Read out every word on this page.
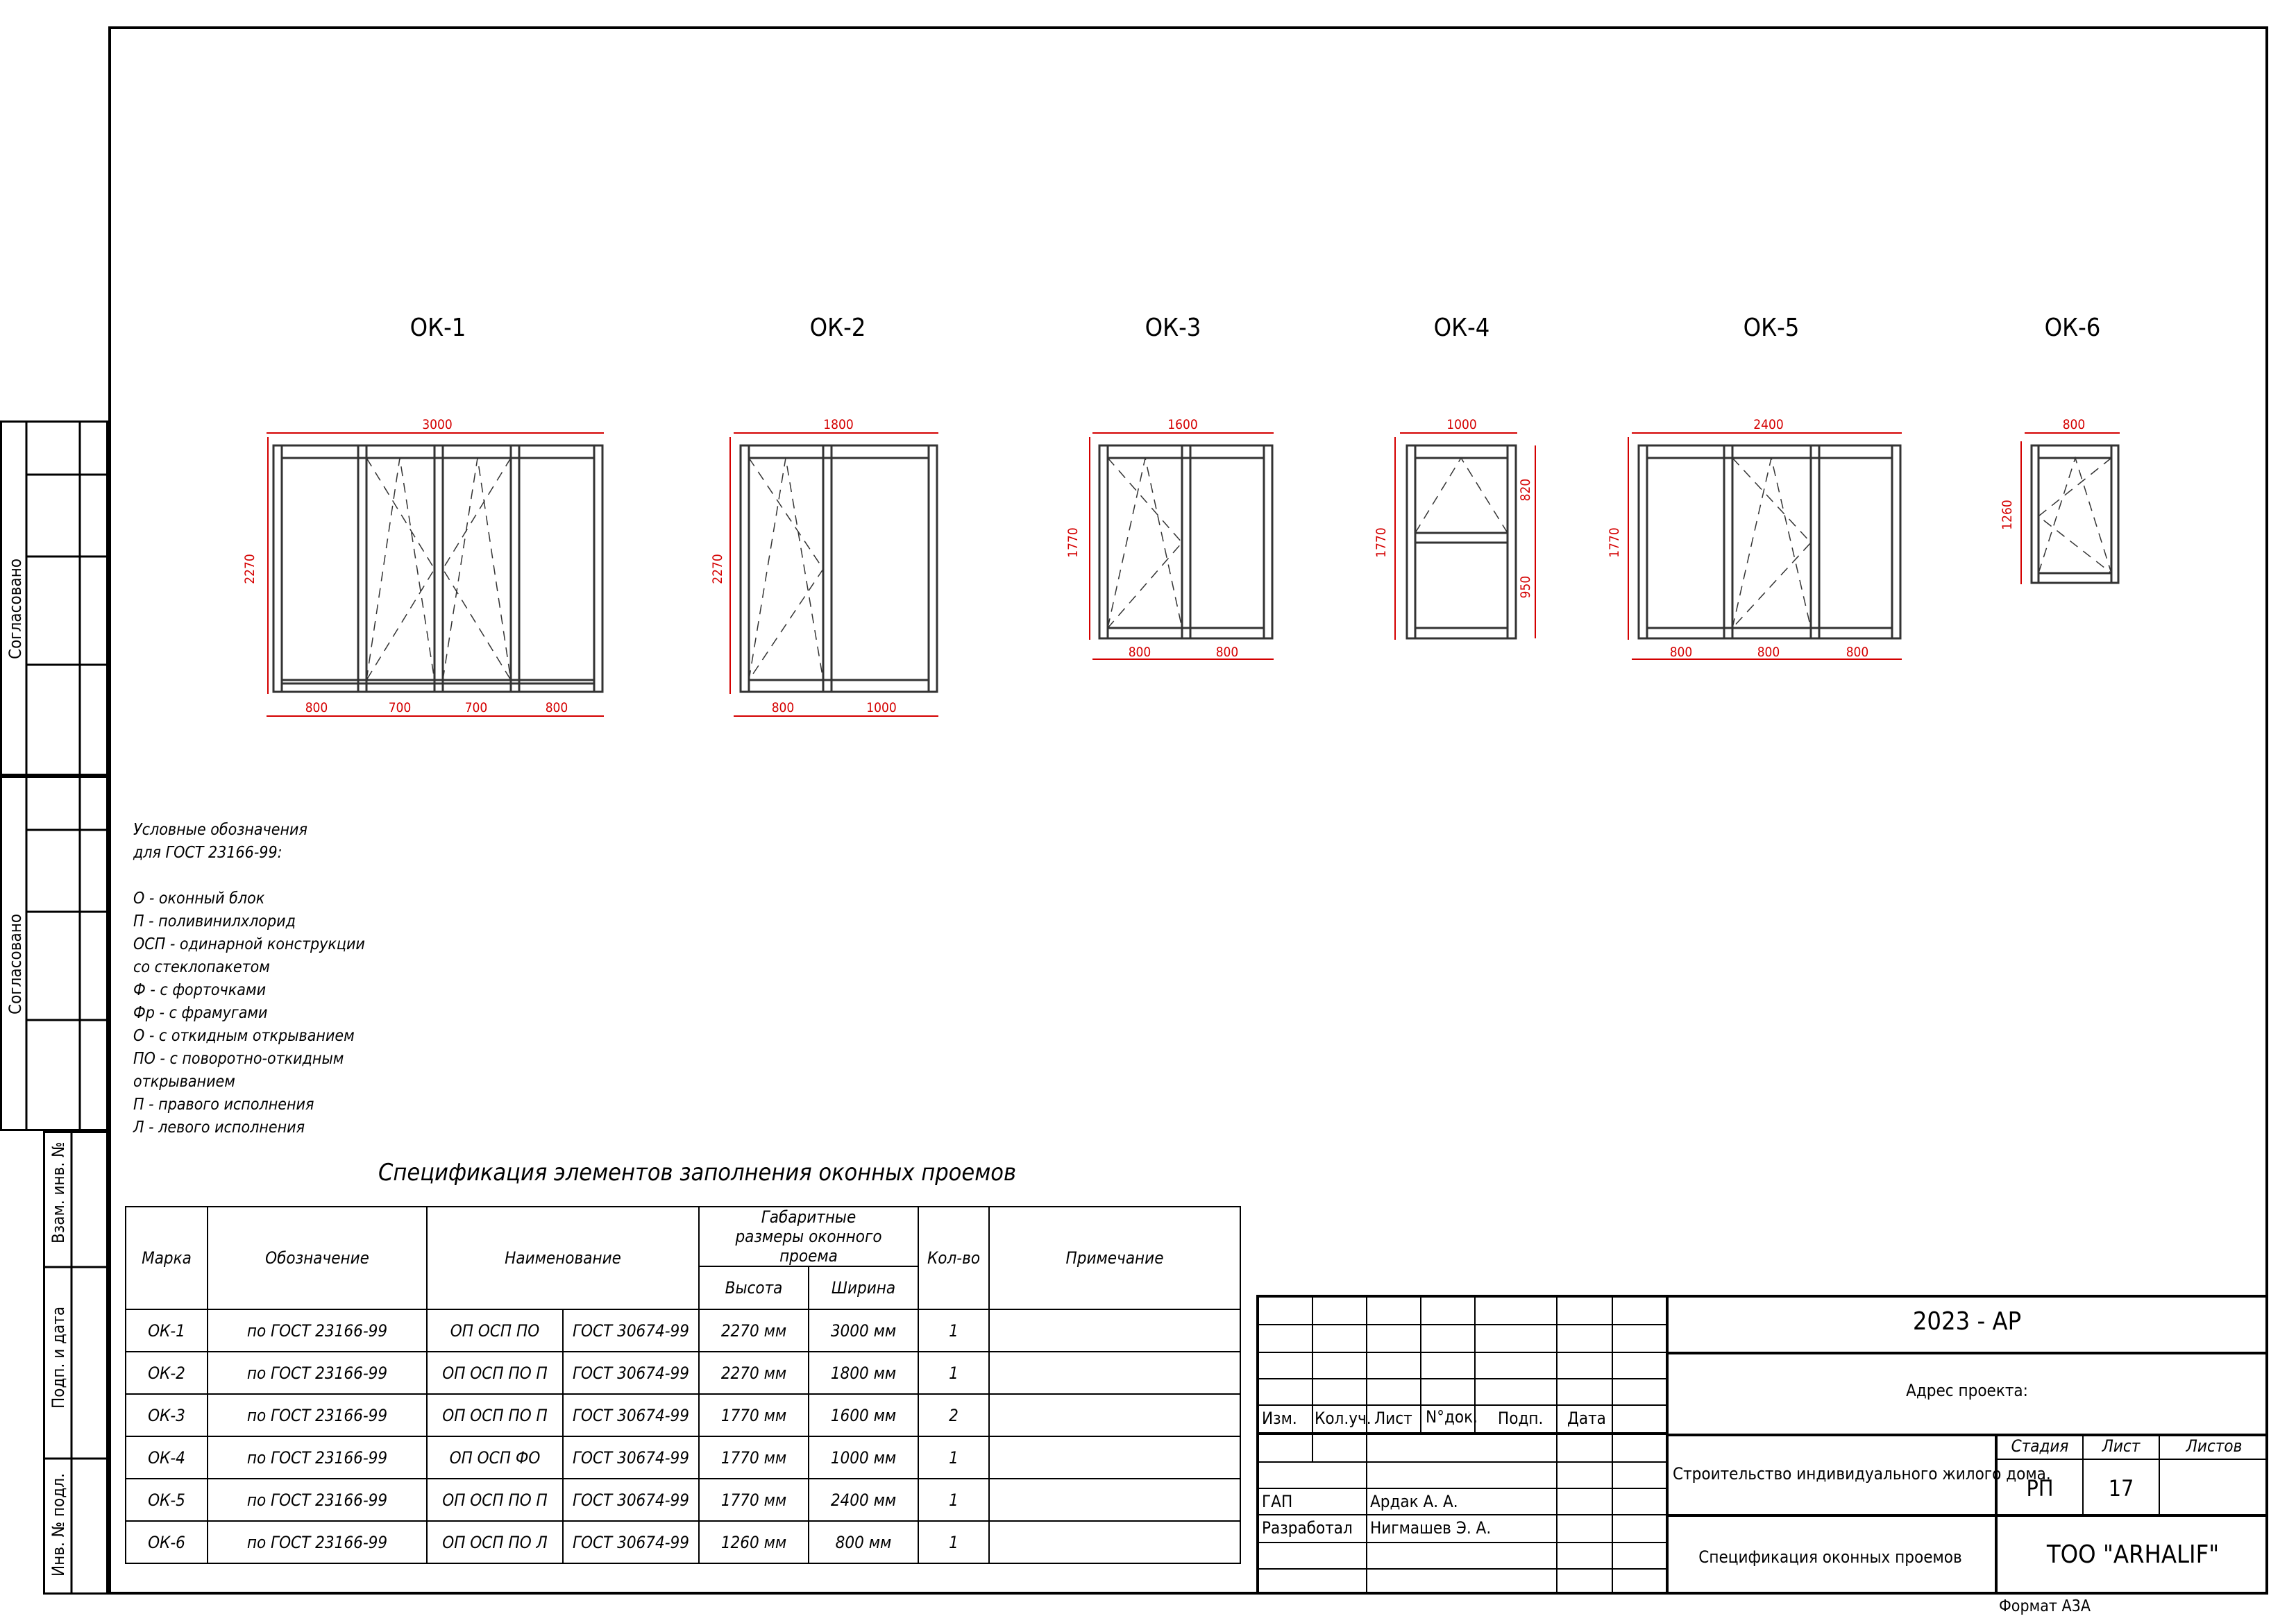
Согласовано
Согласовано
Взам. инв. №
Подп. и дата
Инв. № подл.
ОК-1	ОК-2	ОК-3	ОК-4	ОК-5	ОК-6
3000
800	700	700	800
2270
1800
800	1000
2270
1600
800	800
1770
1000
1770
820
950
2400
800	800	800
1770
800
1260
Условные обозначения
для ГОСТ 23166-99:
О - оконный блок
П - поливинилхлорид
ОСП - одинарной конструкции
со стеклопакетом
Ф - с форточками
Фр - с фрамугами
О - с откидным открыванием
ПО - с поворотно-откидным
открыванием
П - правого исполнения
Л - левого исполнения
Спецификация элементов заполнения оконных проемов
Марка	Обозначение	Наименование		Габаритные размеры оконного проема		Кол-во	Примечание
				Высота	Ширина		
ОК-1	по ГОСТ 23166-99	ОП ОСП ПО	ГОСТ 30674-99	2270 мм	3000 мм	1	
ОК-2	по ГОСТ 23166-99	ОП ОСП ПО П	ГОСТ 30674-99	2270 мм	1800 мм	1	
ОК-3	по ГОСТ 23166-99	ОП ОСП ПО П	ГОСТ 30674-99	1770 мм	1600 мм	2	
ОК-4	по ГОСТ 23166-99	ОП ОСП ФО	ГОСТ 30674-99	1770 мм	1000 мм	1	
ОК-5	по ГОСТ 23166-99	ОП ОСП ПО П	ГОСТ 30674-99	1770 мм	2400 мм	1	
ОК-6	по ГОСТ 23166-99	ОП ОСП ПО Л	ГОСТ 30674-99	1260 мм	800 мм	1	
2023 - АР
Адрес проекта:
Изм. Кол.уч. Лист N°док. Подп. Дата
ГАП	Ардак А. А.
Разработал Нигмашев Э. А.
Строительство индивидуального жилого дома.
Стадия	Лист	Листов
РП	17
Спецификация оконных проемов	ТОО "ARHALIF"
Формат А3А
